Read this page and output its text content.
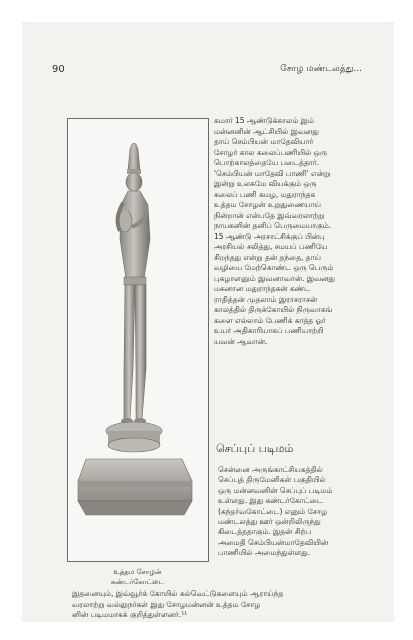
90	சோழ மண்டலத்து...
உத்தம சோழன்
கண்டர்கோட்டை
சுமார் 15 ஆண்டுக்காலம் இம்
மன்னனின் ஆட்சியில் இவனது
தாய் செம்பியன் மாதேவியார்
சோழர் கால கலைப்பணியில் ஒரு
பொற்காலத்தையே படைத்தார்.
'செம்பியன் மாதேவி பாணி' என்று
இன்று உலகமே வியக்கும் ஒரு
கலைப் பணி கமழ, மதுராந்தக
உத்தம சோழன் உறுதுணையாய்
நின்றான் என்பதே இவ்வரலாற்று
நாயகனின் தனிப் பெருமையாகும்.
15 ஆண்டு அரசாட்சிக்குப் பின்பு
அரசியல் சலித்து, சமயப் பணியே
சிறந்தது என்று தன் தந்தை, தாய்
வழியை மேற்கொண்ட ஒரு பெரும்
புகழாளனும் இவனாவான். இவனது
மகனான மதுராந்தகன் கண்ட
ராதித்தன் முதலாம் இராசராசன்
காலத்தில் திருக்கோயில் நிருவாகங்
களை எல்லாம் பேணிக் காத்த ஓர்
உயர் அதிகாரியாகப் பணியாற்றி
யவன் ஆவான்.
செப்புப் படிமம்
சென்னை அருங்காட்சியகத்தில்
செப்புத் திருமேனிகள் பகுதியில்
ஒரு மன்னவனின் செப்புப் படிமம்
உள்ளது. இது கண்டர்கோட்டை
(கந்தர்வகோட்டை) எனும் சோழ
மண்டலத்து ஊர் ஒன்றிலிருந்து
கிடைத்ததாகும். இதன் சிற்ப
அமைதி செம்பியன்மாதேவியின்
பாணியில் அமைந்துள்ளது.
இதனையும், இவ்வூர்க் கோயில் கல்வெட்டுகளையும் ஆராய்ந்த
வரலாற்று வல்லுநர்கள் இது சோழமன்னன் உத்தம சோழ
னின் படிமமாகக் குறித்துள்ளனர்.¹¹
